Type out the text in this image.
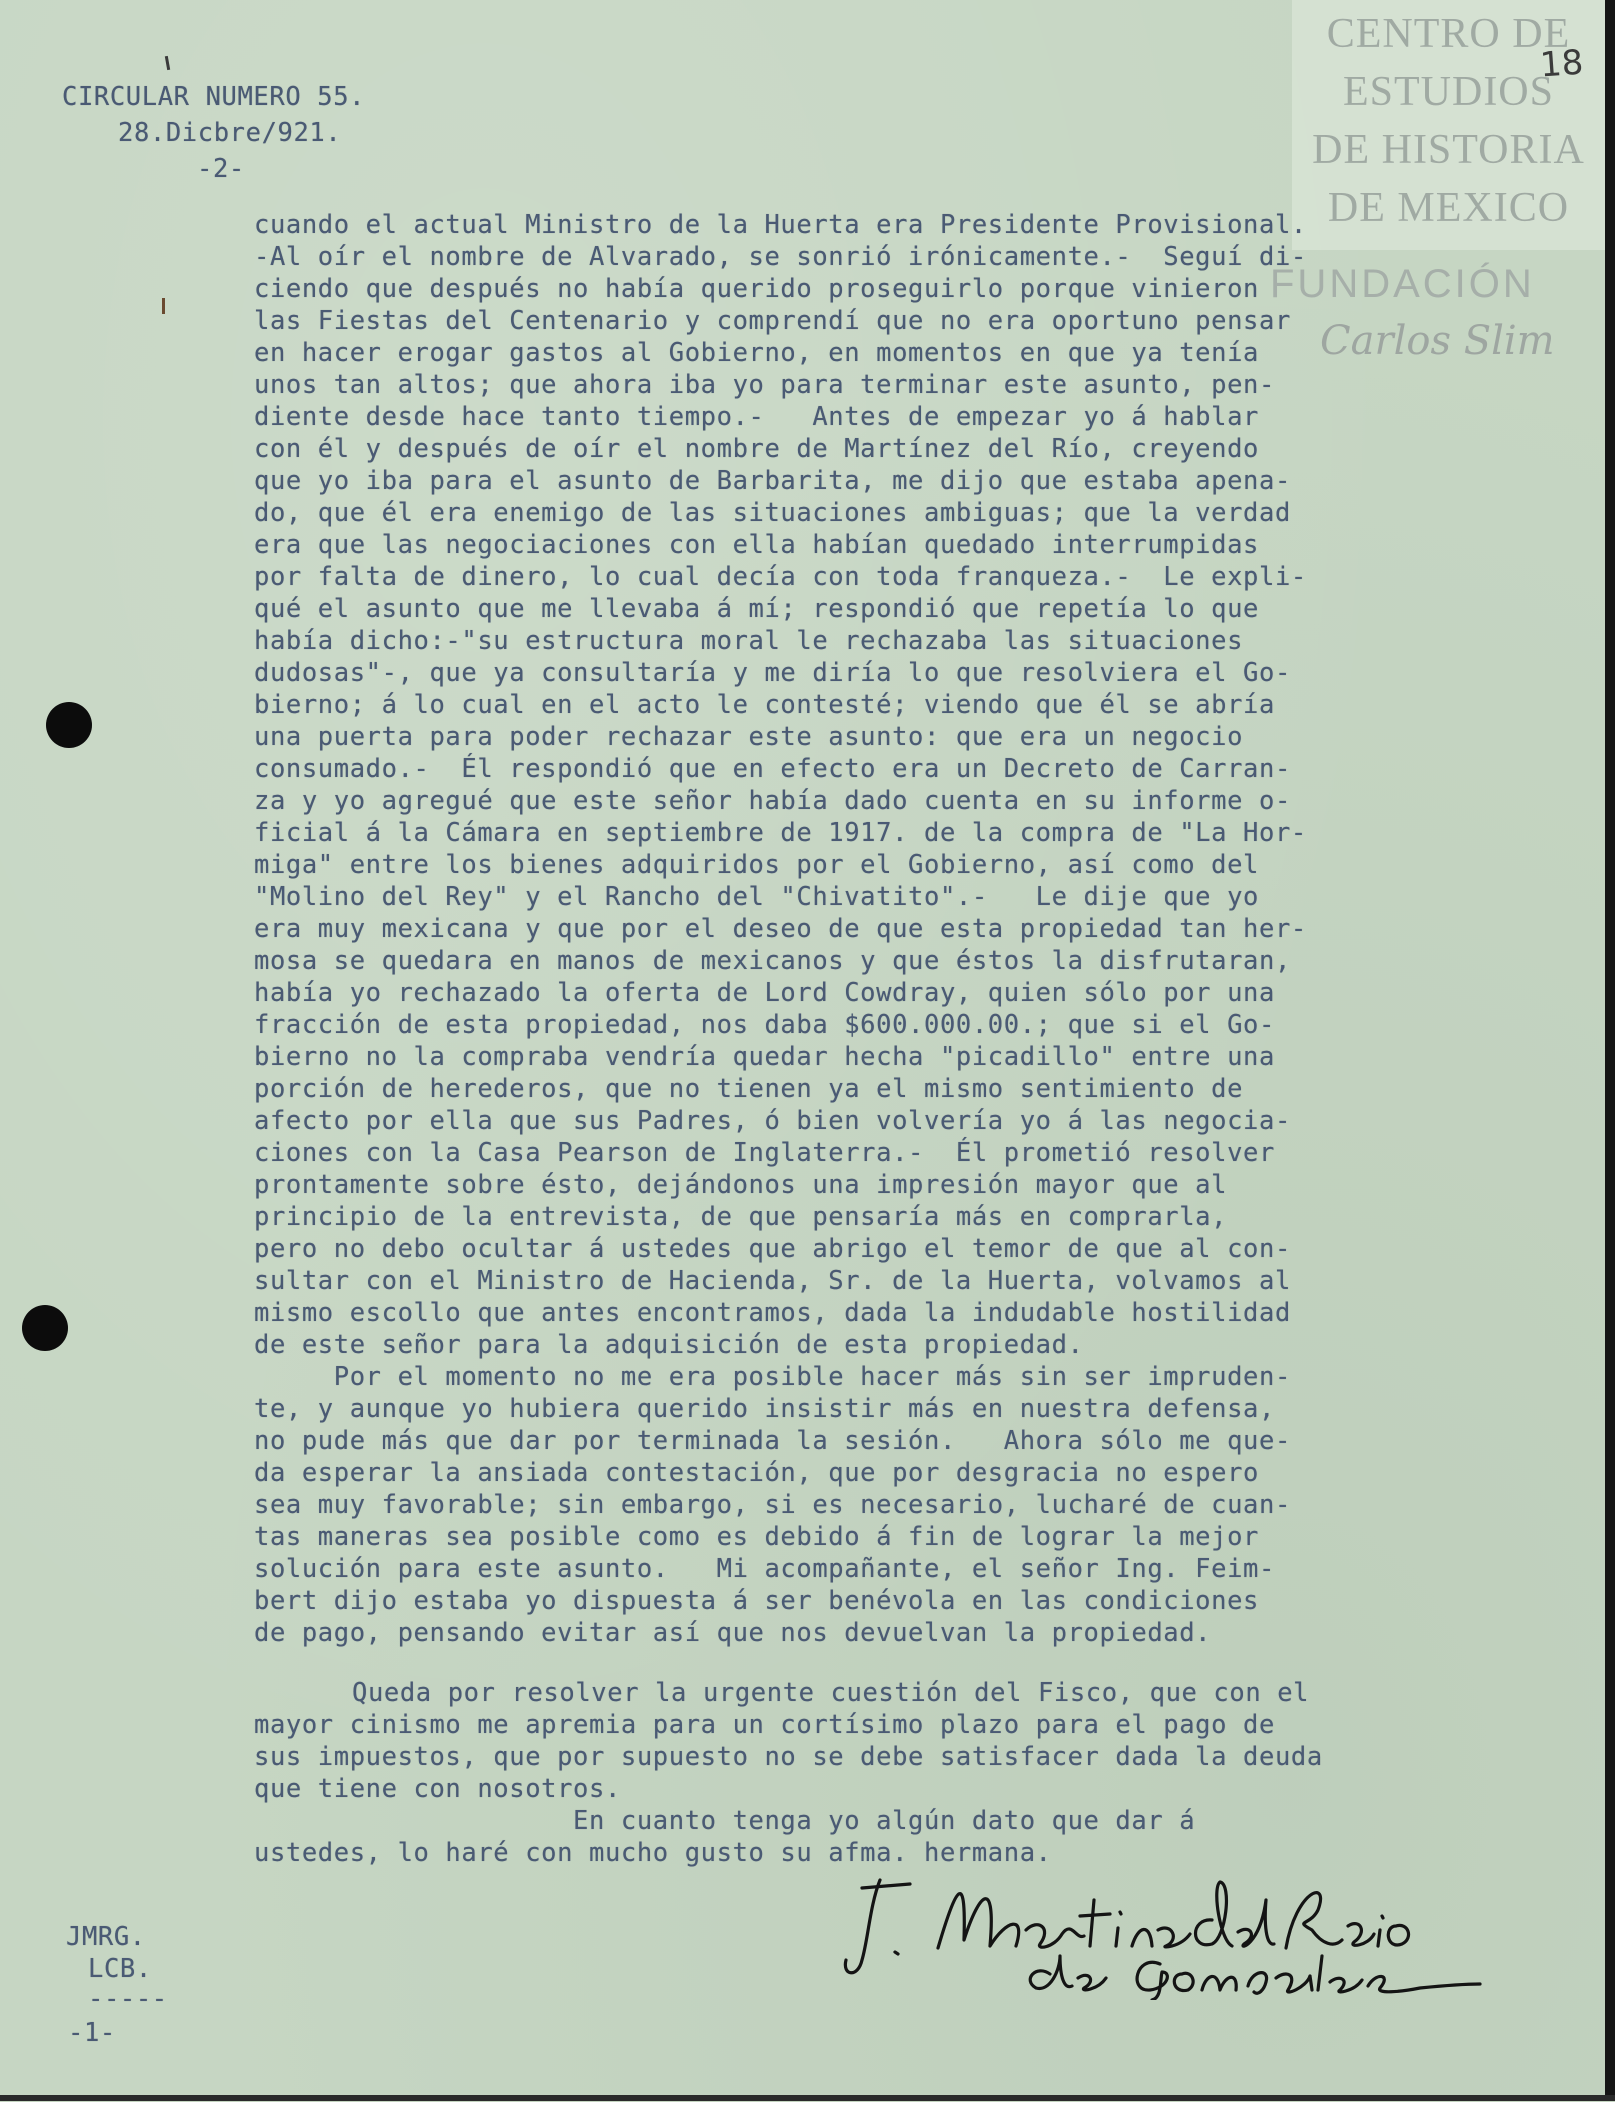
CENTRO DE
ESTUDIOS
DE HISTORIA
DE MEXICO
FUNDACIÓN
Carlos Slim
18

CIRCULAR NUMERO 55.

28.Dicbre/921.

-2-

cuando el actual Ministro de la Huerta era Presidente Provisional.

-Al oír el nombre de Alvarado, se sonrió irónicamente.-  Seguí di-

ciendo que después no había querido proseguirlo porque vinieron

las Fiestas del Centenario y comprendí que no era oportuno pensar

en hacer erogar gastos al Gobierno, en momentos en que ya tenía

unos tan altos; que ahora iba yo para terminar este asunto, pen-

diente desde hace tanto tiempo.-   Antes de empezar yo á hablar

con él y después de oír el nombre de Martínez del Río, creyendo

que yo iba para el asunto de Barbarita, me dijo que estaba apena-

do, que él era enemigo de las situaciones ambiguas; que la verdad

era que las negociaciones con ella habían quedado interrumpidas

por falta de dinero, lo cual decía con toda franqueza.-  Le expli-

qué el asunto que me llevaba á mí; respondió que repetía lo que

había dicho:-"su estructura moral le rechazaba las situaciones

dudosas"-, que ya consultaría y me diría lo que resolviera el Go-

bierno; á lo cual en el acto le contesté; viendo que él se abría

una puerta para poder rechazar este asunto: que era un negocio

consumado.-  Él respondió que en efecto era un Decreto de Carran-

za y yo agregué que este señor había dado cuenta en su informe o-

ficial á la Cámara en septiembre de 1917. de la compra de "La Hor-

miga" entre los bienes adquiridos por el Gobierno, así como del

"Molino del Rey" y el Rancho del "Chivatito".-   Le dije que yo

era muy mexicana y que por el deseo de que esta propiedad tan her-

mosa se quedara en manos de mexicanos y que éstos la disfrutaran,

había yo rechazado la oferta de Lord Cowdray, quien sólo por una

fracción de esta propiedad, nos daba $600.000.00.; que si el Go-

bierno no la compraba vendría quedar hecha "picadillo" entre una

porción de herederos, que no tienen ya el mismo sentimiento de

afecto por ella que sus Padres, ó bien volvería yo á las negocia-

ciones con la Casa Pearson de Inglaterra.-  Él prometió resolver

prontamente sobre ésto, dejándonos una impresión mayor que al

principio de la entrevista, de que pensaría más en comprarla,

pero no debo ocultar á ustedes que abrigo el temor de que al con-

sultar con el Ministro de Hacienda, Sr. de la Huerta, volvamos al

mismo escollo que antes encontramos, dada la indudable hostilidad

de este señor para la adquisición de esta propiedad.

Por el momento no me era posible hacer más sin ser impruden-

te, y aunque yo hubiera querido insistir más en nuestra defensa,

no pude más que dar por terminada la sesión.   Ahora sólo me que-

da esperar la ansiada contestación, que por desgracia no espero

sea muy favorable; sin embargo, si es necesario, lucharé de cuan-

tas maneras sea posible como es debido á fin de lograr la mejor

solución para este asunto.   Mi acompañante, el señor Ing. Feim-

bert dijo estaba yo dispuesta á ser benévola en las condiciones

de pago, pensando evitar así que nos devuelvan la propiedad.

Queda por resolver la urgente cuestión del Fisco, que con el

mayor cinismo me apremia para un cortísimo plazo para el pago de

sus impuestos, que por supuesto no se debe satisfacer dada la deuda

que tiene con nosotros.

En cuanto tenga yo algún dato que dar á

ustedes, lo haré con mucho gusto su afma. hermana.

JMRG.

LCB.

-----

-1-
